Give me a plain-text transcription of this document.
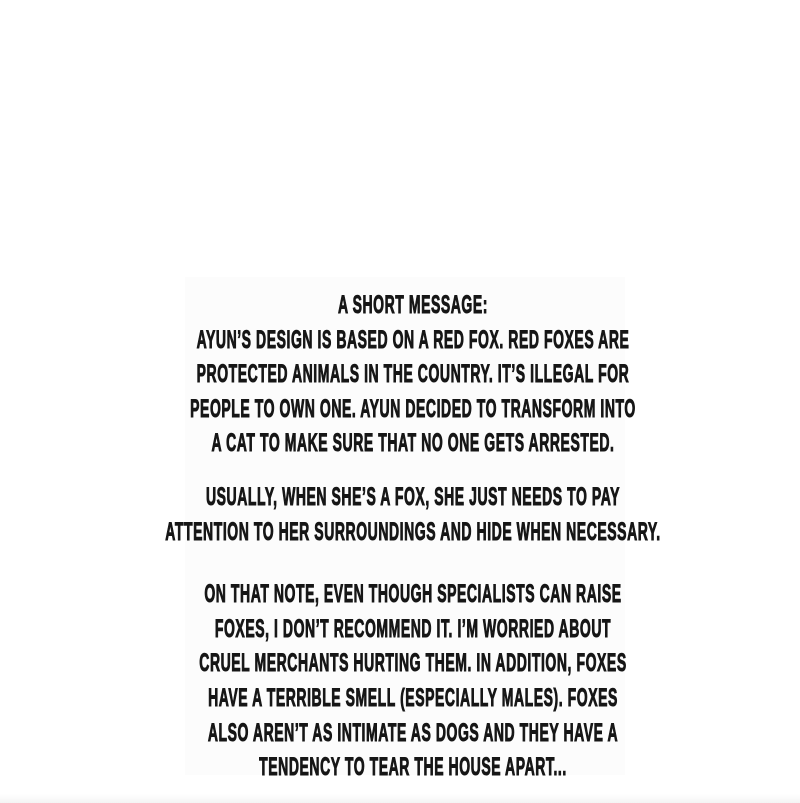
A SHORT MESSAGE:
AYUN’S DESIGN IS BASED ON A RED FOX. RED FOXES ARE
PROTECTED ANIMALS IN THE COUNTRY. IT’S ILLEGAL FOR
PEOPLE TO OWN ONE. AYUN DECIDED TO TRANSFORM INTO
A CAT TO MAKE SURE THAT NO ONE GETS ARRESTED.
USUALLY, WHEN SHE’S A FOX, SHE JUST NEEDS TO PAY
ATTENTION TO HER SURROUNDINGS AND HIDE WHEN NECESSARY.
ON THAT NOTE, EVEN THOUGH SPECIALISTS CAN RAISE
FOXES, I DON’T RECOMMEND IT. I’M WORRIED ABOUT
CRUEL MERCHANTS HURTING THEM. IN ADDITION, FOXES
HAVE A TERRIBLE SMELL (ESPECIALLY MALES). FOXES
ALSO AREN’T AS INTIMATE AS DOGS AND THEY HAVE A
TENDENCY TO TEAR THE HOUSE APART...
